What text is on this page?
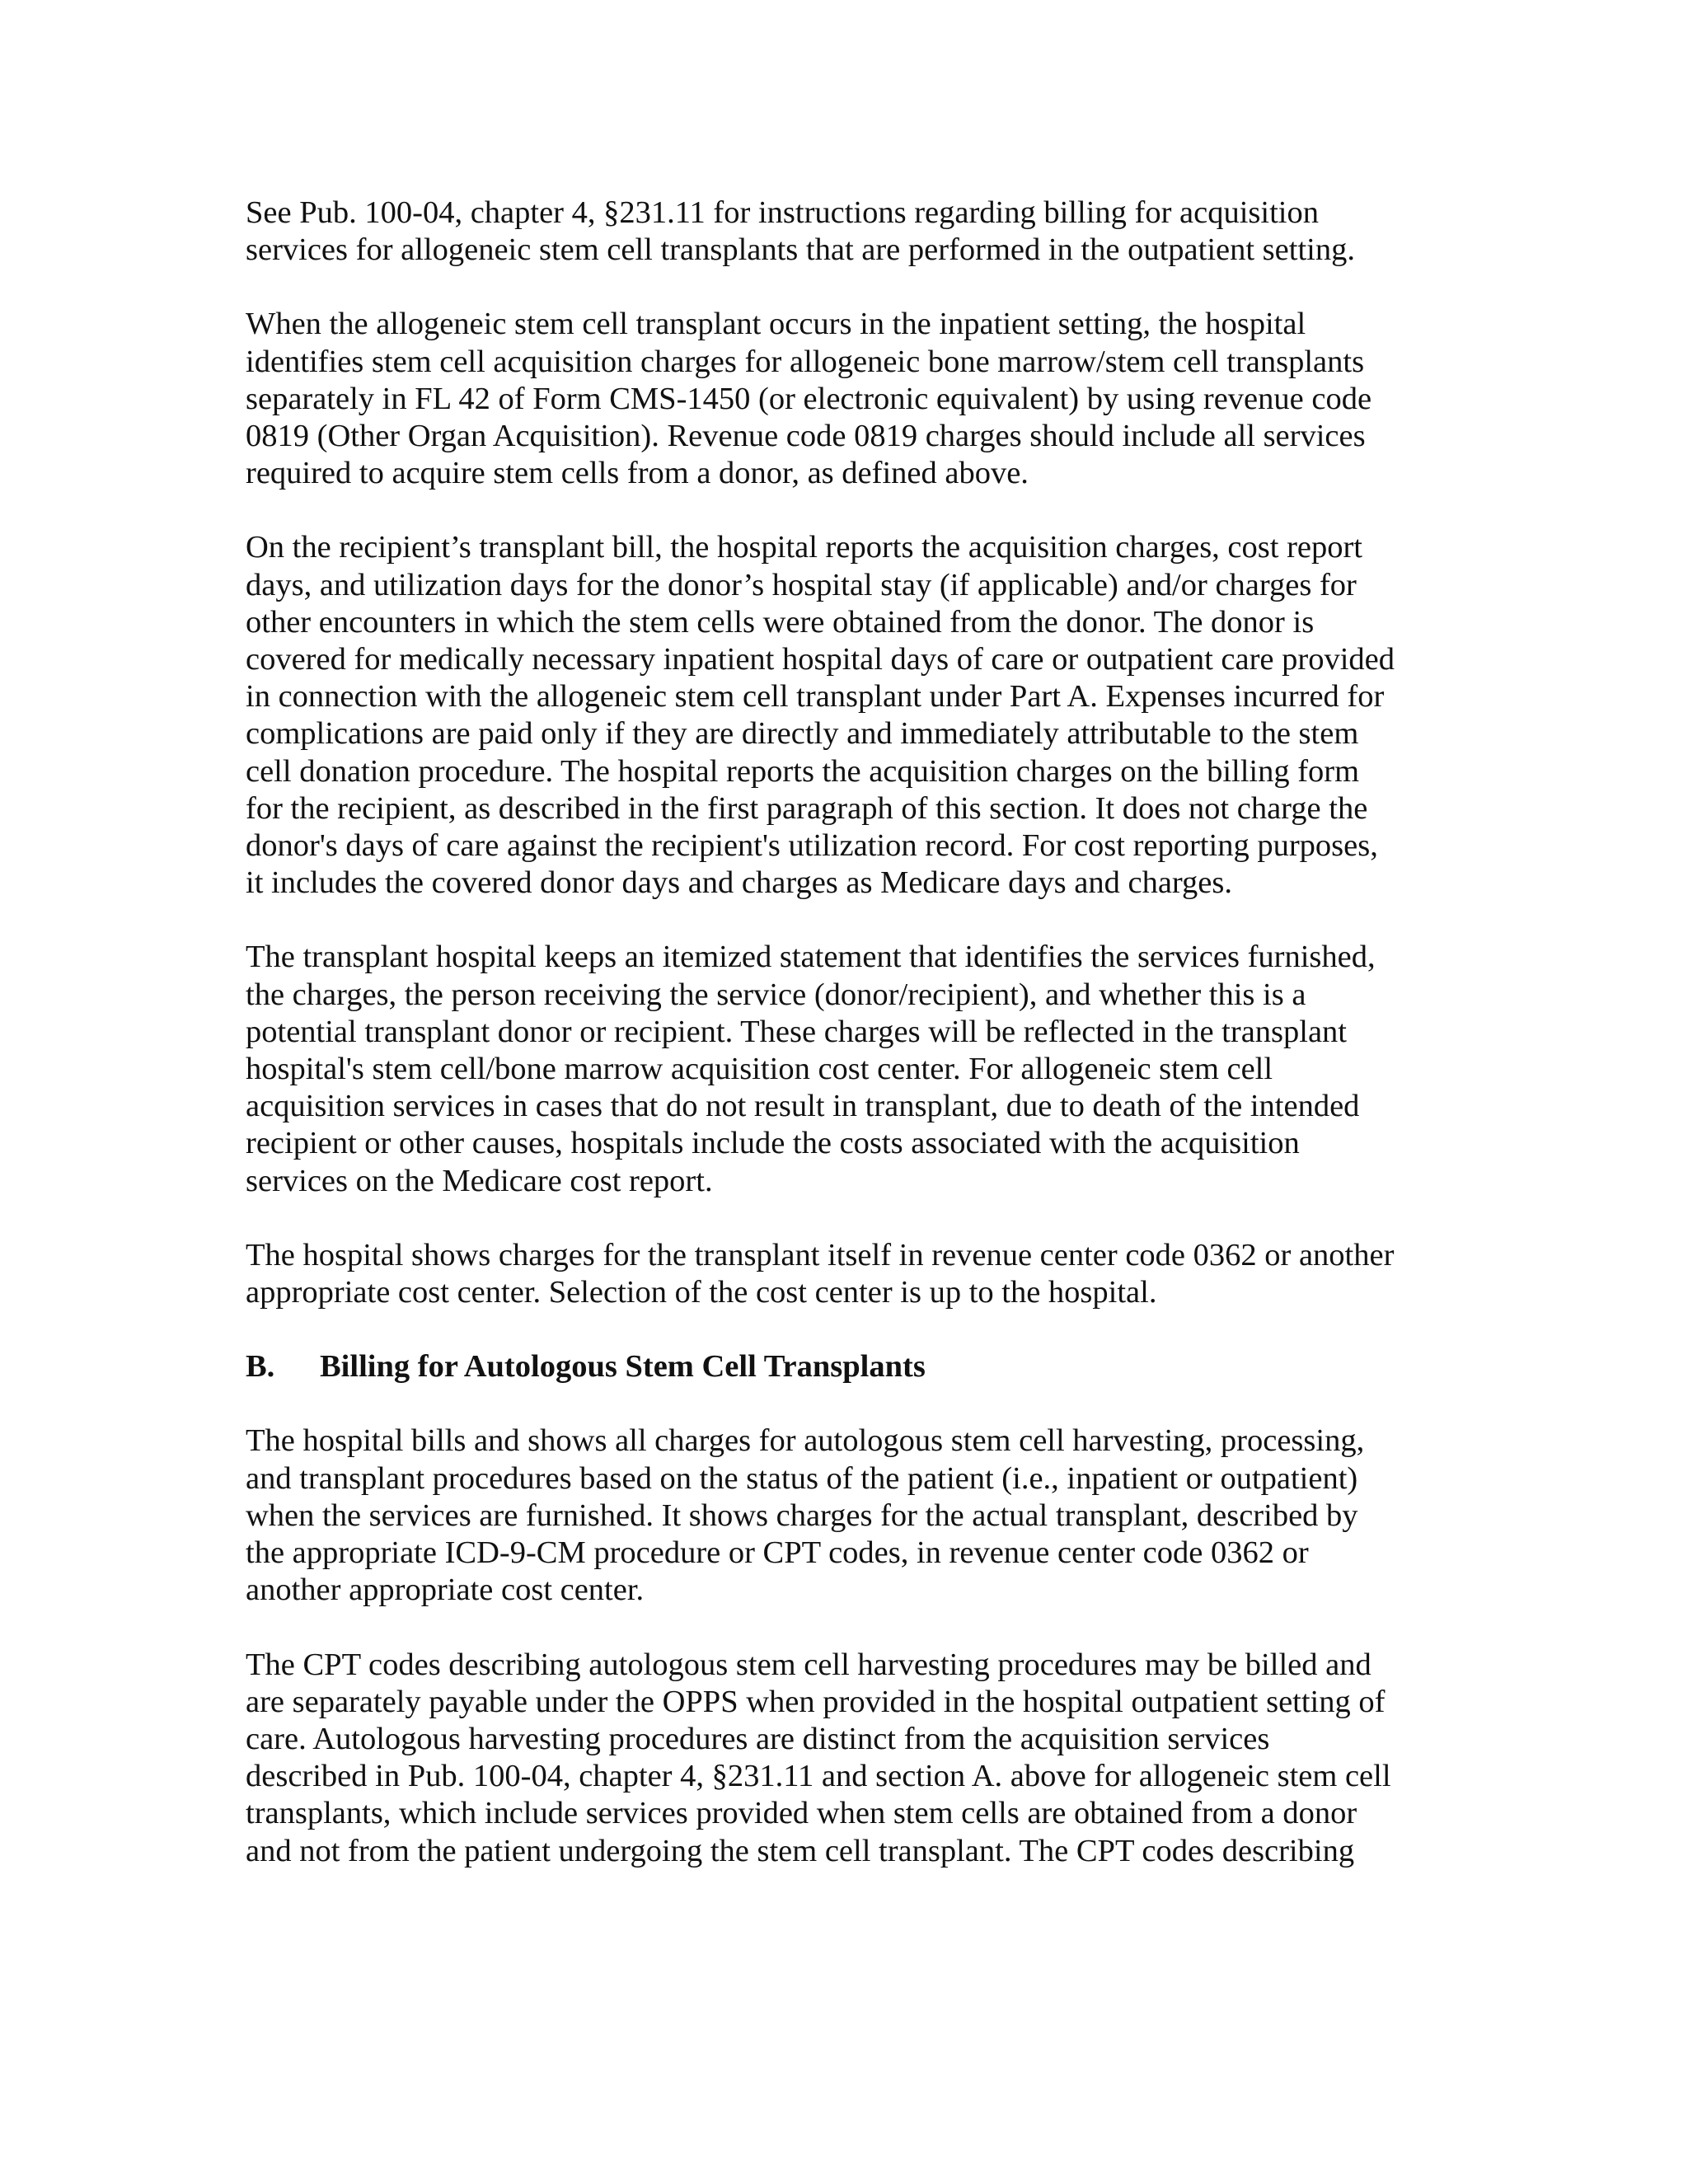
See Pub. 100-04, chapter 4, §231.11 for instructions regarding billing for acquisition
services for allogeneic stem cell transplants that are performed in the outpatient setting.

When the allogeneic stem cell transplant occurs in the inpatient setting, the hospital
identifies stem cell acquisition charges for allogeneic bone marrow/stem cell transplants
separately in FL 42 of Form CMS-1450 (or electronic equivalent) by using revenue code
0819 (Other Organ Acquisition). Revenue code 0819 charges should include all services
required to acquire stem cells from a donor, as defined above.

On the recipient’s transplant bill, the hospital reports the acquisition charges, cost report
days, and utilization days for the donor’s hospital stay (if applicable) and/or charges for
other encounters in which the stem cells were obtained from the donor. The donor is
covered for medically necessary inpatient hospital days of care or outpatient care provided
in connection with the allogeneic stem cell transplant under Part A. Expenses incurred for
complications are paid only if they are directly and immediately attributable to the stem
cell donation procedure. The hospital reports the acquisition charges on the billing form
for the recipient, as described in the first paragraph of this section. It does not charge the
donor's days of care against the recipient's utilization record. For cost reporting purposes,
it includes the covered donor days and charges as Medicare days and charges.

The transplant hospital keeps an itemized statement that identifies the services furnished,
the charges, the person receiving the service (donor/recipient), and whether this is a
potential transplant donor or recipient. These charges will be reflected in the transplant
hospital's stem cell/bone marrow acquisition cost center. For allogeneic stem cell
acquisition services in cases that do not result in transplant, due to death of the intended
recipient or other causes, hospitals include the costs associated with the acquisition
services on the Medicare cost report.

The hospital shows charges for the transplant itself in revenue center code 0362 or another
appropriate cost center. Selection of the cost center is up to the hospital.

B. Billing for Autologous Stem Cell Transplants

The hospital bills and shows all charges for autologous stem cell harvesting, processing,
and transplant procedures based on the status of the patient (i.e., inpatient or outpatient)
when the services are furnished. It shows charges for the actual transplant, described by
the appropriate ICD-9-CM procedure or CPT codes, in revenue center code 0362 or
another appropriate cost center.

The CPT codes describing autologous stem cell harvesting procedures may be billed and
are separately payable under the OPPS when provided in the hospital outpatient setting of
care. Autologous harvesting procedures are distinct from the acquisition services
described in Pub. 100-04, chapter 4, §231.11 and section A. above for allogeneic stem cell
transplants, which include services provided when stem cells are obtained from a donor
and not from the patient undergoing the stem cell transplant. The CPT codes describing
